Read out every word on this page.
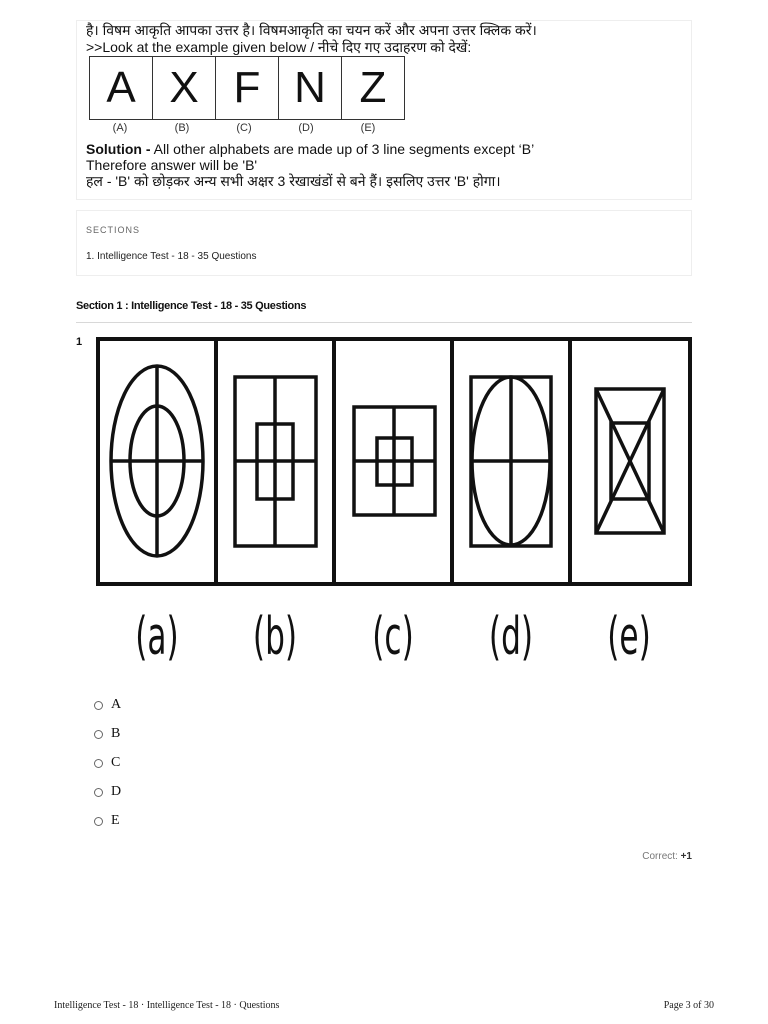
है। विषम आकृति आपका उत्तर है। विषमआकृति का चयन करें और अपना उत्तर क्लिक करें।
>>Look at the example given below / नीचे दिए गए उदाहरण को देखें:
A	X	F	N	Z
(A)	(B)	(C)	(D)	(E)
Solution - All other alphabets are made up of 3 line segments except ‘B’
Therefore answer will be 'B'
हल - 'B' को छोड़कर अन्य सभी अक्षर 3 रेखाखंडों से बने हैं। इसलिए उत्तर 'B' होगा।
SECTIONS
1. Intelligence Test - 18 - 35 Questions
Section 1 : Intelligence Test - 18 - 35 Questions
1
(a) (b) (c) (d) (e)
A
B
C
D
E
Correct: +1
Intelligence Test - 18 · Intelligence Test - 18 · Questions	Page 3 of 30
